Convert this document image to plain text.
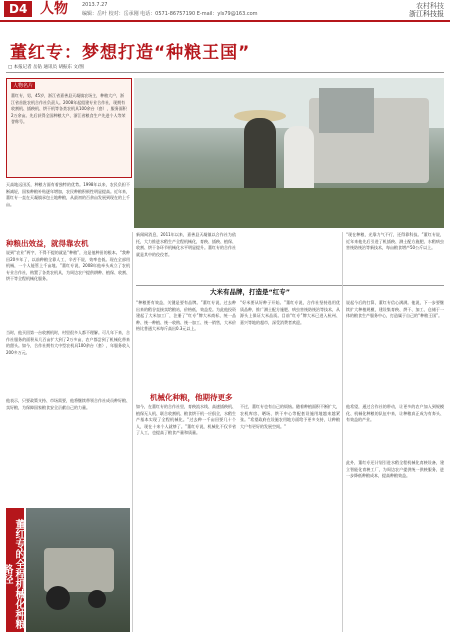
D4 人物	2013.7.27
编辑：岳叶 校对：岳承刚 电话：0571-86757190 E-mail：yls79@163.com
农村科技
浙江科技报
董红专：梦想打造“种粮王国”
□ 本报记者 岳钻 通讯员 胡振东 文/图
人物名片
董红专，男，45岁，浙江省嘉善县天凝镇农场主，种粮大户，浙江省首批农机合作社负责人。2008年起组建专业合作社，现拥有收割机、插秧机、烘干机等各类农机具100余台（套），服务面积2万余亩。先后获得全国种粮大户、浙江省粮食生产先进个人等荣誉称号。
天高地远田沃，种粮方面有着独特的优势。1998年以来，农民负担不断减轻，国家种粮补贴逐年增加，农民种粮积极性明显提高。近年来，董红专一直在天凝镇承包土地种粮，从最初的百余亩发展到现在的上千亩。
种粮出效益，就得靠农机
说到“农业”两字，不得不提的就是“种粮”，这是他种田的根本。“我种田20多年了，以前种粮全靠人工，辛苦不说，效率也低。现在全部用机械，一个人能管上千亩地。”董红专说，2008年他牵头成立了农机专业合作社，购置了各类农机具，为周边农户提供耕种、植保、收割、烘干等全程机械化服务。
当时，他买回第一台收割机时，村里很多人都不理解。可几年下来，合作社服务的面积从几百亩扩大到了2万多亩，农户都尝到了机械化带来的甜头。如今，合作社拥有大中型农机具100余台（套），年服务收入200多万元。
他表示，只要政策支持、市场需要，他将继续带领合作社成员种好粮、卖好粮，为保障国家粮食安全贡献自己的力量。
新闻网消息，2011年以来，嘉善县天凝镇以合作社为依托，大力推进水稻生产全程机械化，育秧、插秧、植保、收割、烘干各环节机械化水平明显提升。董红专的合作社就是其中的佼佼者。
大米有品牌，打造是“红专”
“种粮要有效益，关键是要有品牌。”董红专说，过去种出来的稻谷直接卖给粮站，价格低，效益差。为此他投资建起了大米加工厂，注册了“红专”牌大米商标，统一品种、统一种植、统一收购、统一加工、统一销售，大米价格比普通大米每斤高出0.3元以上。
“好米要从好种子开始。”董红专说，合作社坚持选用优质品种，推广测土配方施肥、病虫害统防统治等技术，从源头上保证大米品质。目前“红专”牌大米已进入杭州、嘉兴等地的超市，深受消费者欢迎。
机械化种粮，他期待更多
如今，在董红专的合作社里，育秧流水线、高速插秧机、植保无人机、联合收割机、粮食烘干机一应俱全，水稻生产基本实现了全程机械化。“过去种一千亩田要几十个人，现在十来个人就够了。”董红专说，机械化不仅节省了人工，也提高了粮食产量和质量。
不过，董红专也有自己的烦恼。随着种植面积不断扩大，农机库房、晒场、烘干中心等配套设施用地越来越紧张。“希望政府在设施农用地方面给予更多支持，让种粮大户有更好的发展空间。”
“现在种粮，光靠力气不行，还得靠科技。”董红专说，近年来他先后引进了机插秧、测土配方施肥、水稻病虫害统防统治等新技术，每亩粮食增产50公斤以上。
说起今后的打算，董红专信心满满。他说，下一步要继续扩大种植规模，建设集育秧、烘干、加工、仓储于一体的粮食生产服务中心，打造属于自己的“种粮王国”。
他希望，通过合作社的带动，让更多的农户加入到规模化、机械化种粮的队伍中来，让种粮真正成为有奔头、有效益的产业。
此外，董红专还计划引进水稻全程机械化育秧设备，建立智能化育秧工厂，为周边农户提供统一供秧服务，进一步降低种粮成本，提高种粮效益。
董红专的全程机械化种粮路径
